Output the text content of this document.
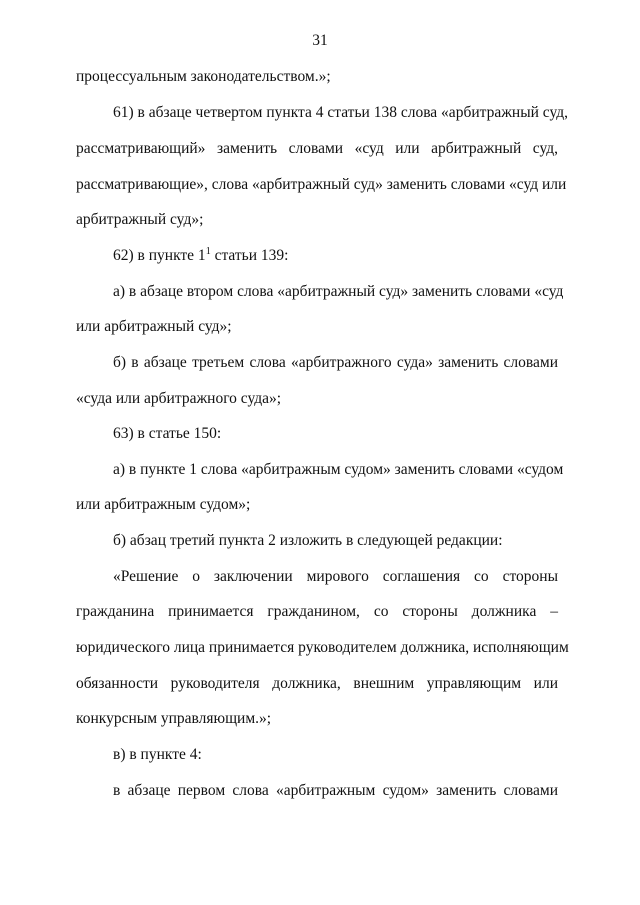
31
процессуальным законодательством.»;
61) в абзаце четвертом пункта 4 статьи 138 слова «арбитражный суд,
рассматривающий» заменить словами «суд или арбитражный суд,
рассматривающие», слова «арбитражный суд» заменить словами «суд или
арбитражный суд»;
62) в пункте $1^1$ статьи 139:
а) в абзаце втором слова «арбитражный суд» заменить словами «суд
или арбитражный суд»;
б) в абзаце третьем слова «арбитражного суда» заменить словами
«суда или арбитражного суда»;
63) в статье 150:
а) в пункте 1 слова «арбитражным судом» заменить словами «судом
или арбитражным судом»;
б) абзац третий пункта 2 изложить в следующей редакции:
«Решение о заключении мирового соглашения со стороны
гражданина принимается гражданином, со стороны должника –
юридического лица принимается руководителем должника, исполняющим
обязанности руководителя должника, внешним управляющим или
конкурсным управляющим.»;
в) в пункте 4:
в абзаце первом слова «арбитражным судом» заменить словами
